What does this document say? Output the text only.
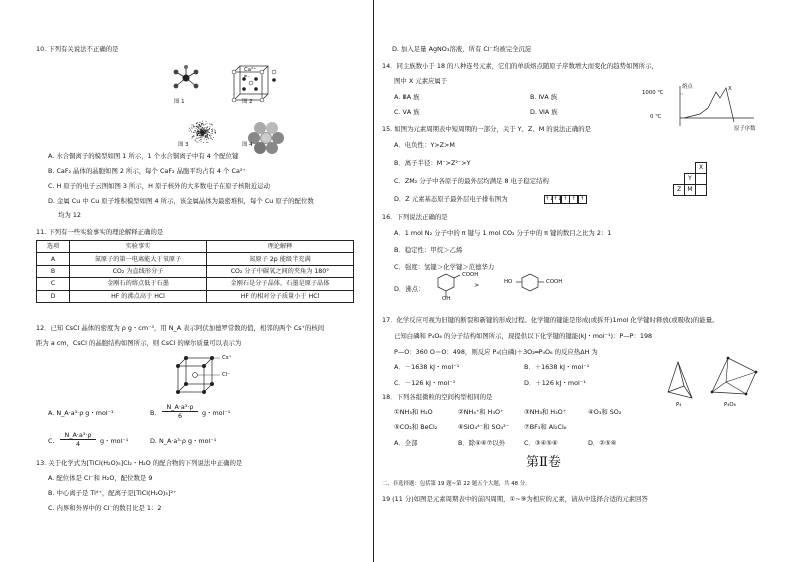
10. 下列有关说法不正确的是
图 1	图 2
Ca²⁺
F⁻
图 3	图 4
A. 水合铜离子的模型如图 1 所示，1 个水合铜离子中有 4 个配位键
B. CaF₂ 晶体的晶胞如图 2 所示，每个 CaF₂ 晶胞平均占有 4 个 Ca²⁺
C. H 原子的电子云图如图 3 所示，H 原子核外的大多数电子在原子核附近运动
D. 金属 Cu 中 Cu 原子堆积模型如图 4 所示，该金属晶体为最密堆积，每个 Cu 原子的配位数
均为 12
11. 下列有一些实验事实的理论解释正确的是
选项	实验事实	理论解释
A	氮原子的第一电离能大于氧原子	氮原子 2p 能级半充满
B	CO₂ 为直线形分子	CO₂ 分子中碳氧之间的夹角为 180°
C	金刚石的熔点低于石墨	金刚石是分子晶体，石墨是原子晶体
D	HF 的沸点高于 HCl	HF 的相对分子质量小于 HCl
12．已知 CsCl 晶体的密度为 ρ g・cm⁻³，用 N_A 表示阿伏加德罗常数的值，相邻的两个 Cs⁺的核间
距为 a cm，CsCl 的晶胞结构如图所示，则 CsCl 的摩尔质量可以表示为
Cs⁺
Cl⁻
A. N_A·a³·ρ g・mol⁻¹	B.
N_A·a³·ρ
6	g・mol⁻¹
C.
N_A·a³·ρ
4	g・mol⁻¹	D. N_A·a³·ρ g・mol⁻¹
13. 关于化学式为[TiCl(H₂O)₅]Cl₂・H₂O 的配合物的下列说法中正确的是
A. 配位体是 Cl⁻和 H₂O，配位数是 9
B. 中心离子是 Ti⁴⁺，配离子是[TiCl(H₂O)₅]²⁺
C. 内界和外界中的 Cl⁻的数目比是 1：2
D. 加入足量 AgNO₃溶液，所有 Cl⁻均被完全沉淀
14．同主族数小于 18 的八种连号元素，它们的单质熔点随原子序数增大而变化的趋势如图所示，
图中 X 元素应属于
A. ⅢA 族	B. ⅣA 族
C. ⅤA 族	D. ⅥA 族
熔点
1000 ℃
0 ℃
X
原子序数
15. 如图为元素周期表中短周期的一部分，关于 Y、Z、M 的说法正确的是
A．电负性：Y>Z>M
B．离子半径：M⁻>Z²⁻>Y
C．ZM₂ 分子中各原子的最外层均满足 8 电子稳定结构
D．Z 元素基态原子最外层电子排布图为	↑↓↑↓↑ ↑ ↑
X
Y
Z	M
16．下列说法正确的是
A．1 mol N₂ 分子中的 π 键与 1 mol CO₂ 分子中的 π 键的数目之比为 2：1
B．稳定性：甲烷＞乙烯
C．强度：氢键＞化学键＞范德华力
D．沸点：
COOH
OH
>	HO	COOH
17．化学反应可视为旧键的断裂和新键的形成过程。化学键的键能是形成(或拆开)1mol 化学键时释放(或吸收)的能量。
已知白磷和 P₄O₆ 的分子结构如图所示，现提供以下化学键的键能(kJ・mol⁻¹)：P—P：198
P—O：360 O＝O：498，则反应 P₄(白磷)＋3O₂═P₄O₆ 的反应热ΔH 为
A．－1638 kJ・mol⁻¹	B．＋1638 kJ・mol⁻¹
C．－126 kJ・mol⁻¹	D．＋126 kJ・mol⁻¹
P₄	P₄O₆
18．下列各组微粒的空间构型相同的是
①NH₃和 H₂O	②NH₄⁺和 H₃O⁺	③NH₃和 H₃O⁺	④O₃和 SO₂
⑤CO₂和 BeCl₂	⑥SiO₄⁴⁻和 SO₄²⁻ ⑦BF₃和 Al₂Cl₆
A．全部	B．除④⑥⑦以外	C．③④⑤⑥	D．②⑤⑥
第Ⅱ卷
二、非选择题：包括第 19 题~第 22 题五个大题，共 48 分。
19 (11 分)如图是元素周期表中的前四周期，①~⑨为相应的元素，请从中选择合适的元素回答
